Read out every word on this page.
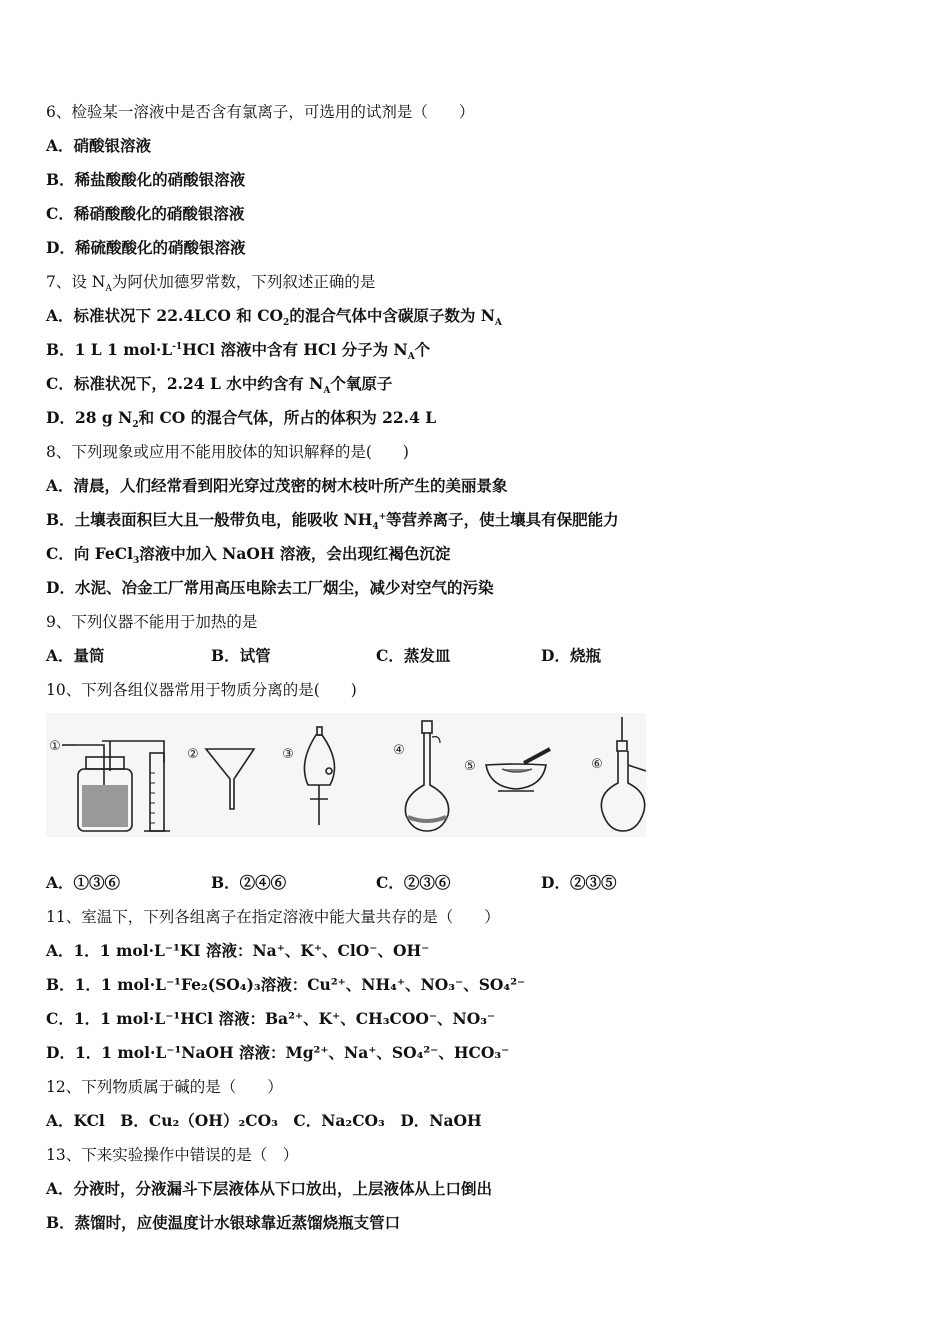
6、检验某一溶液中是否含有氯离子，可选用的试剂是（　　）
A．硝酸银溶液
B．稀盐酸酸化的硝酸银溶液
C．稀硝酸酸化的硝酸银溶液
D．稀硫酸酸化的硝酸银溶液
7、设 $N_A$为阿伏加德罗常数，下列叙述正确的是
A．标准状况下 22.4LCO 和 $CO_2$的混合气体中含碳原子数为 $N_A$
B．1 L 1 $mol\cdot L^{-1}HCl$ 溶液中含有 HCl 分子为 $N_A$个
C．标准状况下，2.24 L 水中约含有 $N_A$个氧原子
D．28 g $N_2$和 CO 的混合气体，所占的体积为 22.4 L
8、下列现象或应用不能用胶体的知识解释的是(　　)
A．清晨，人们经常看到阳光穿过茂密的树木枝叶所产生的美丽景象
B．土壤表面积巨大且一般带负电，能吸收 $NH_4^+$等营养离子，使土壤具有保肥能力
C．向 FeCl$_3$溶液中加入 NaOH 溶液，会出现红褐色沉淀
D．水泥、冶金工厂常用高压电除去工厂烟尘，减少对空气的污染
9、下列仪器不能用于加热的是
A．量筒	B．试管	C．蒸发皿	D．烧瓶
10、下列各组仪器常用于物质分离的是(　　)
①
②	③	④
⑤	⑥
A．①③⑥	B．②④⑥	C．②③⑥	D．②③⑤
11、室温下，下列各组离子在指定溶液中能大量共存的是（　　）
A．1．1 mol·L⁻¹KI 溶液：Na⁺、K⁺、ClO⁻、OH⁻
B．1．1 mol·L⁻¹Fe₂(SO₄)₃溶液：Cu²⁺、NH₄⁺、NO₃⁻、SO₄²⁻
C．1．1 mol·L⁻¹HCl 溶液：Ba²⁺、K⁺、CH₃COO⁻、NO₃⁻
D．1．1 mol·L⁻¹NaOH 溶液：Mg²⁺、Na⁺、SO₄²⁻、HCO₃⁻
12、下列物质属于碱的是（　　）
A．KCl　B．Cu₂（OH）₂CO₃　C．Na₂CO₃　D．NaOH
13、下来实验操作中错误的是（　）
A．分液时，分液漏斗下层液体从下口放出，上层液体从上口倒出
B．蒸馏时，应使温度计水银球靠近蒸馏烧瓶支管口
